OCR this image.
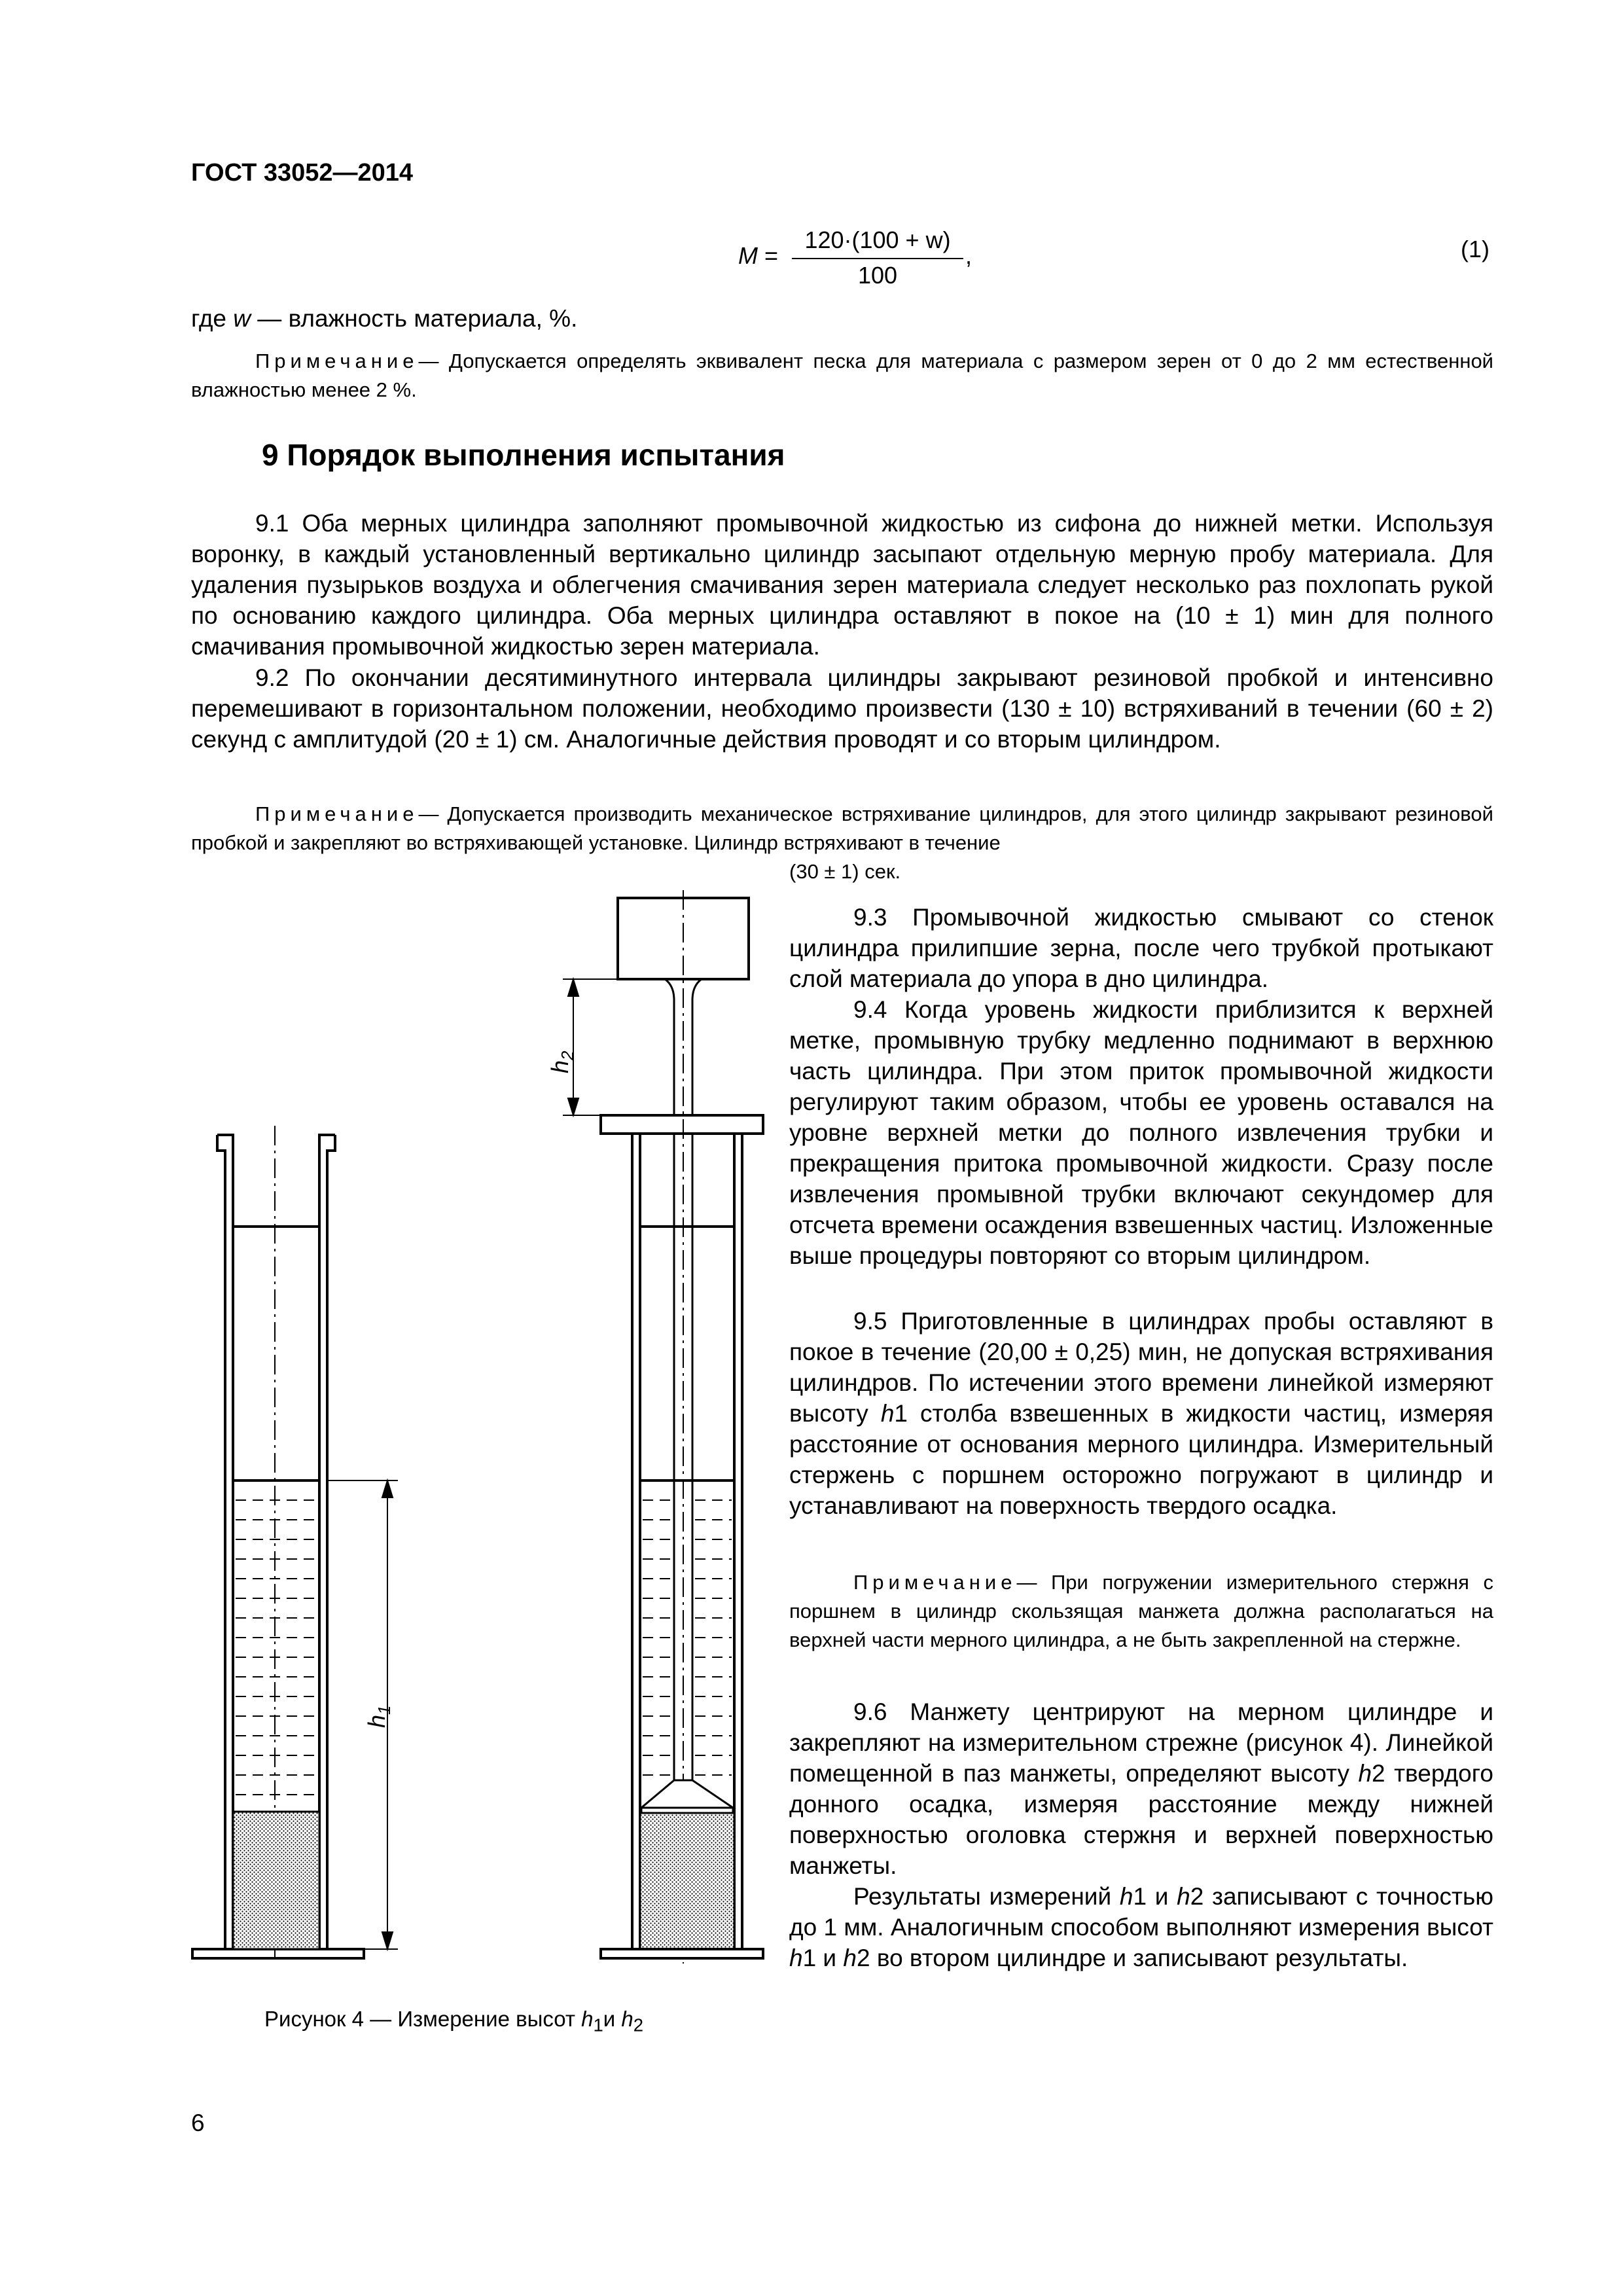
ГОСТ 33052—2014
M =
120·(100 + w)
100
,	(1)
где w — влажность материала, %.
Примечание— Допускается определять эквивалент песка для материала с размером зерен от 0 до 2 мм естественной влажностью менее 2 %.
9 Порядок выполнения испытания
9.1 Оба мерных цилиндра заполняют промывочной жидкостью из сифона до нижней метки. Используя воронку, в каждый установленный вертикально цилиндр засыпают отдельную мерную пробу материала. Для удаления пузырьков воздуха и облегчения смачивания зерен материала следует несколько раз похлопать рукой по основанию каждого цилиндра. Оба мерных цилиндра оставляют в покое на (10 ± 1) мин для полного смачивания промывочной жидкостью зерен материала.
9.2 По окончании десятиминутного интервала цилиндры закрывают резиновой пробкой и интенсивно перемешивают в горизонтальном положении, необходимо произвести (130 ± 10) встряхиваний в течении (60 ± 2) секунд с амплитудой (20 ± 1) см. Аналогичные действия проводят и со вторым цилиндром.
Примечание— Допускается производить механическое встряхивание цилиндров, для этого цилиндр закрывают резиновой пробкой и закрепляют во встряхивающей установке. Цилиндр встряхивают в течение
(30 ± 1) сек.
9.3 Промывочной жидкостью смывают со стенок цилиндра прилипшие зерна, после чего трубкой протыкают слой материала до упора в дно цилиндра.
9.4 Когда уровень жидкости приблизится к верхней метке, промывную трубку медленно поднимают в верхнюю часть цилиндра. При этом приток промывочной жидкости регулируют таким образом, чтобы ее уровень оставался на уровне верхней метки до полного извлечения трубки и прекращения притока промывочной жидкости. Сразу после извлечения промывной трубки включают секундомер для отсчета времени осаждения взвешенных частиц. Изложенные выше процедуры повторяют со вторым цилиндром.
9.5 Приготовленные в цилиндрах пробы оставляют в покое в течение (20,00 ± 0,25) мин, не допуская встряхивания цилиндров. По истечении этого времени линейкой измеряют высоту h1 столба взвешенных в жидкости частиц, измеряя расстояние от основания мерного цилиндра. Измерительный стержень с поршнем осторожно погружают в цилиндр и устанавливают на поверхность твердого осадка.
Примечание— При погружении измерительного стержня с поршнем в цилиндр скользящая манжета должна располагаться на верхней части мерного цилиндра, а не быть закрепленной на стержне.
9.6 Манжету центрируют на мерном цилиндре и закрепляют на измерительном стрежне (рисунок 4). Линейкой помещенной в паз манжеты, определяют высоту h2 твердого донного осадка, измеряя расстояние между нижней поверхностью оголовка стержня и верхней поверхностью манжеты.
Результаты измерений h1 и h2 записывают с точностью до 1 мм. Аналогичным способом выполняют измерения высот h1 и h2 во втором цилиндре и записывают результаты.
$h_1$
$h_2$
Рисунок 4 — Измерение высот $h_1и$ $h_2$
6
